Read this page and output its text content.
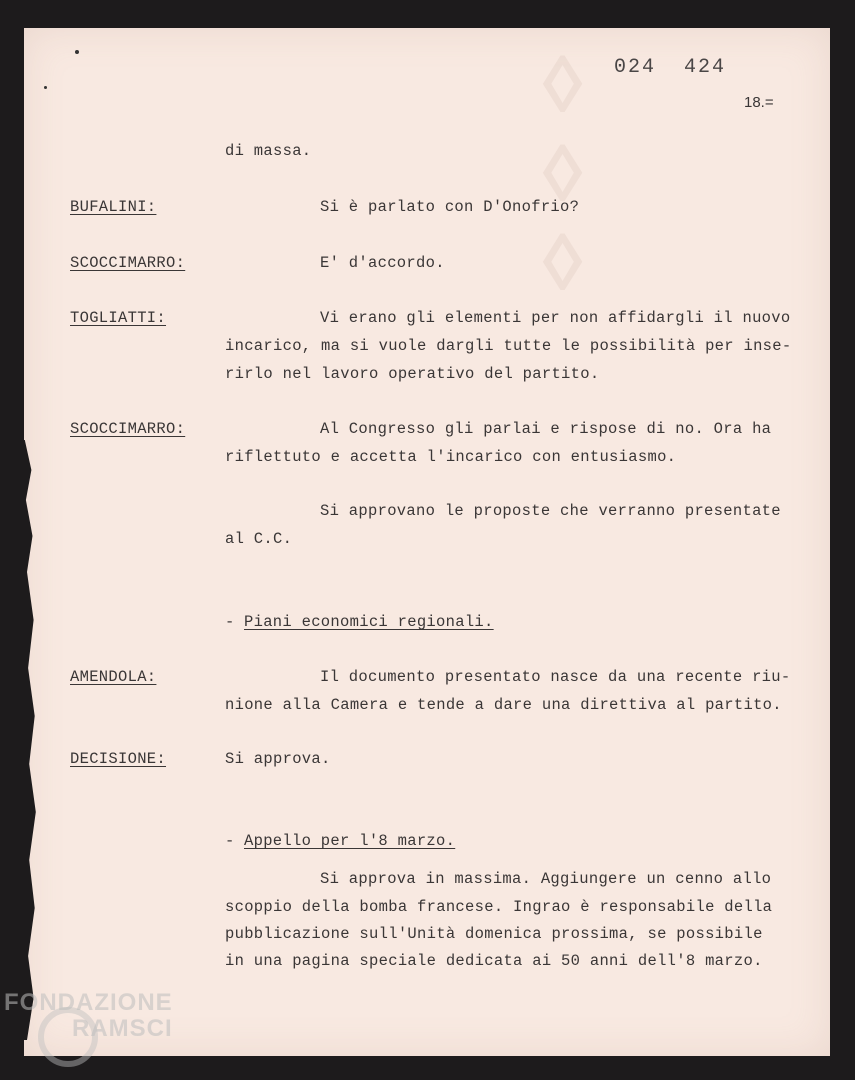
◊◊◊ 024 424
18.=
di massa.
BUFALINI:	Si è parlato con D'Onofrio?
SCOCCIMARRO:	E' d'accordo.
TOGLIATTI:	Vi erano gli elementi per non affidargli il nuovo
incarico, ma si vuole dargli tutte le possibilità per inse-
rirlo nel lavoro operativo del partito.
SCOCCIMARRO:	Al Congresso gli parlai e rispose di no. Ora ha
riflettuto e accetta l'incarico con entusiasmo.
Si approvano le proposte che verranno presentate
al C.C.
- Piani economici regionali.
AMENDOLA:	Il documento presentato nasce da una recente riu-
nione alla Camera e tende a dare una direttiva al partito.
DECISIONE:	Si approva.
- Appello per l'8 marzo.
Si approva in massima. Aggiungere un cenno allo
scoppio della bomba francese. Ingrao è responsabile della
pubblicazione sull'Unità domenica prossima, se possibile
in una pagina speciale dedicata ai 50 anni dell'8 marzo.
FONDAZIONE
RAMSCI
